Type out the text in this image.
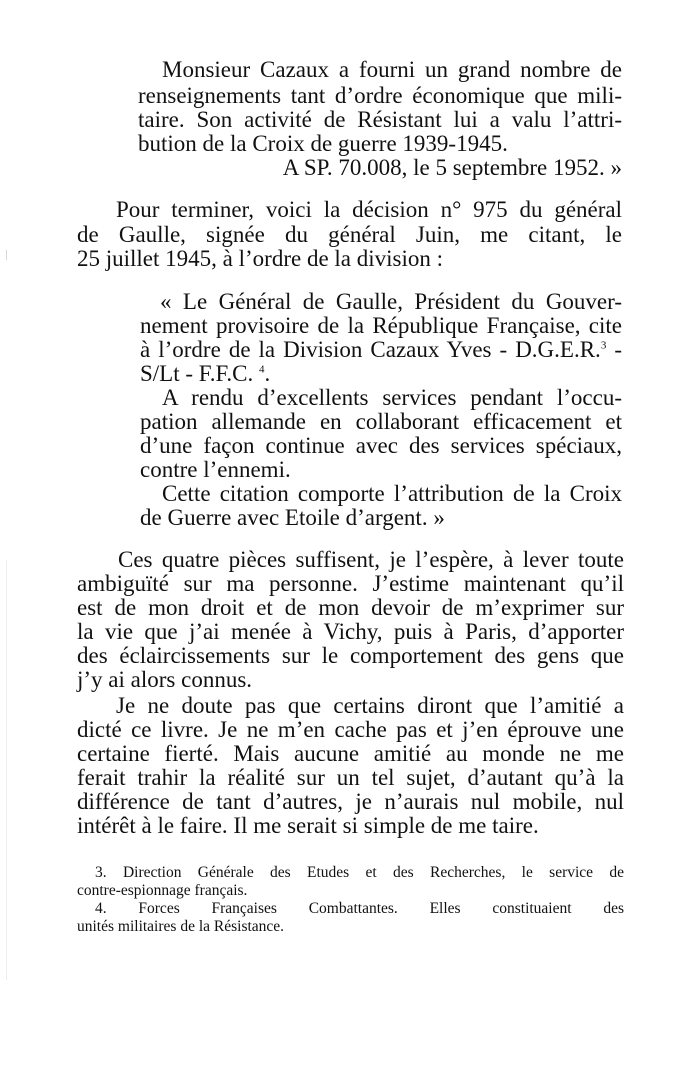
Monsieur Cazaux a fourni un grand nombre de
renseignements tant d’ordre économique que mili-
taire. Son activité de Résistant lui a valu l’attri-
bution de la Croix de guerre 1939-1945.
A SP. 70.008, le 5 septembre 1952. »
Pour terminer, voici la décision n° 975 du général
de Gaulle, signée du général Juin, me citant, le
25 juillet 1945, à l’ordre de la division :
« Le Général de Gaulle, Président du Gouver-
nement provisoire de la République Française, cite
à l’ordre de la Division Cazaux Yves - D.G.E.R.$^3$ -
S/Lt - F.F.C. $^4$.
A rendu d’excellents services pendant l’occu-
pation allemande en collaborant efficacement et
d’une façon continue avec des services spéciaux,
contre l’ennemi.
Cette citation comporte l’attribution de la Croix
de Guerre avec Etoile d’argent. »
Ces quatre pièces suffisent, je l’espère, à lever toute
ambiguïté sur ma personne. J’estime maintenant qu’il
est de mon droit et de mon devoir de m’exprimer sur
la vie que j’ai menée à Vichy, puis à Paris, d’apporter
des éclaircissements sur le comportement des gens que
j’y ai alors connus.
Je ne doute pas que certains diront que l’amitié a
dicté ce livre. Je ne m’en cache pas et j’en éprouve une
certaine fierté. Mais aucune amitié au monde ne me
ferait trahir la réalité sur un tel sujet, d’autant qu’à la
différence de tant d’autres, je n’aurais nul mobile, nul
intérêt à le faire. Il me serait si simple de me taire.
3. Direction Générale des Etudes et des Recherches, le service de
contre-espionnage français.
4. Forces Françaises Combattantes. Elles constituaient des
unités militaires de la Résistance.
